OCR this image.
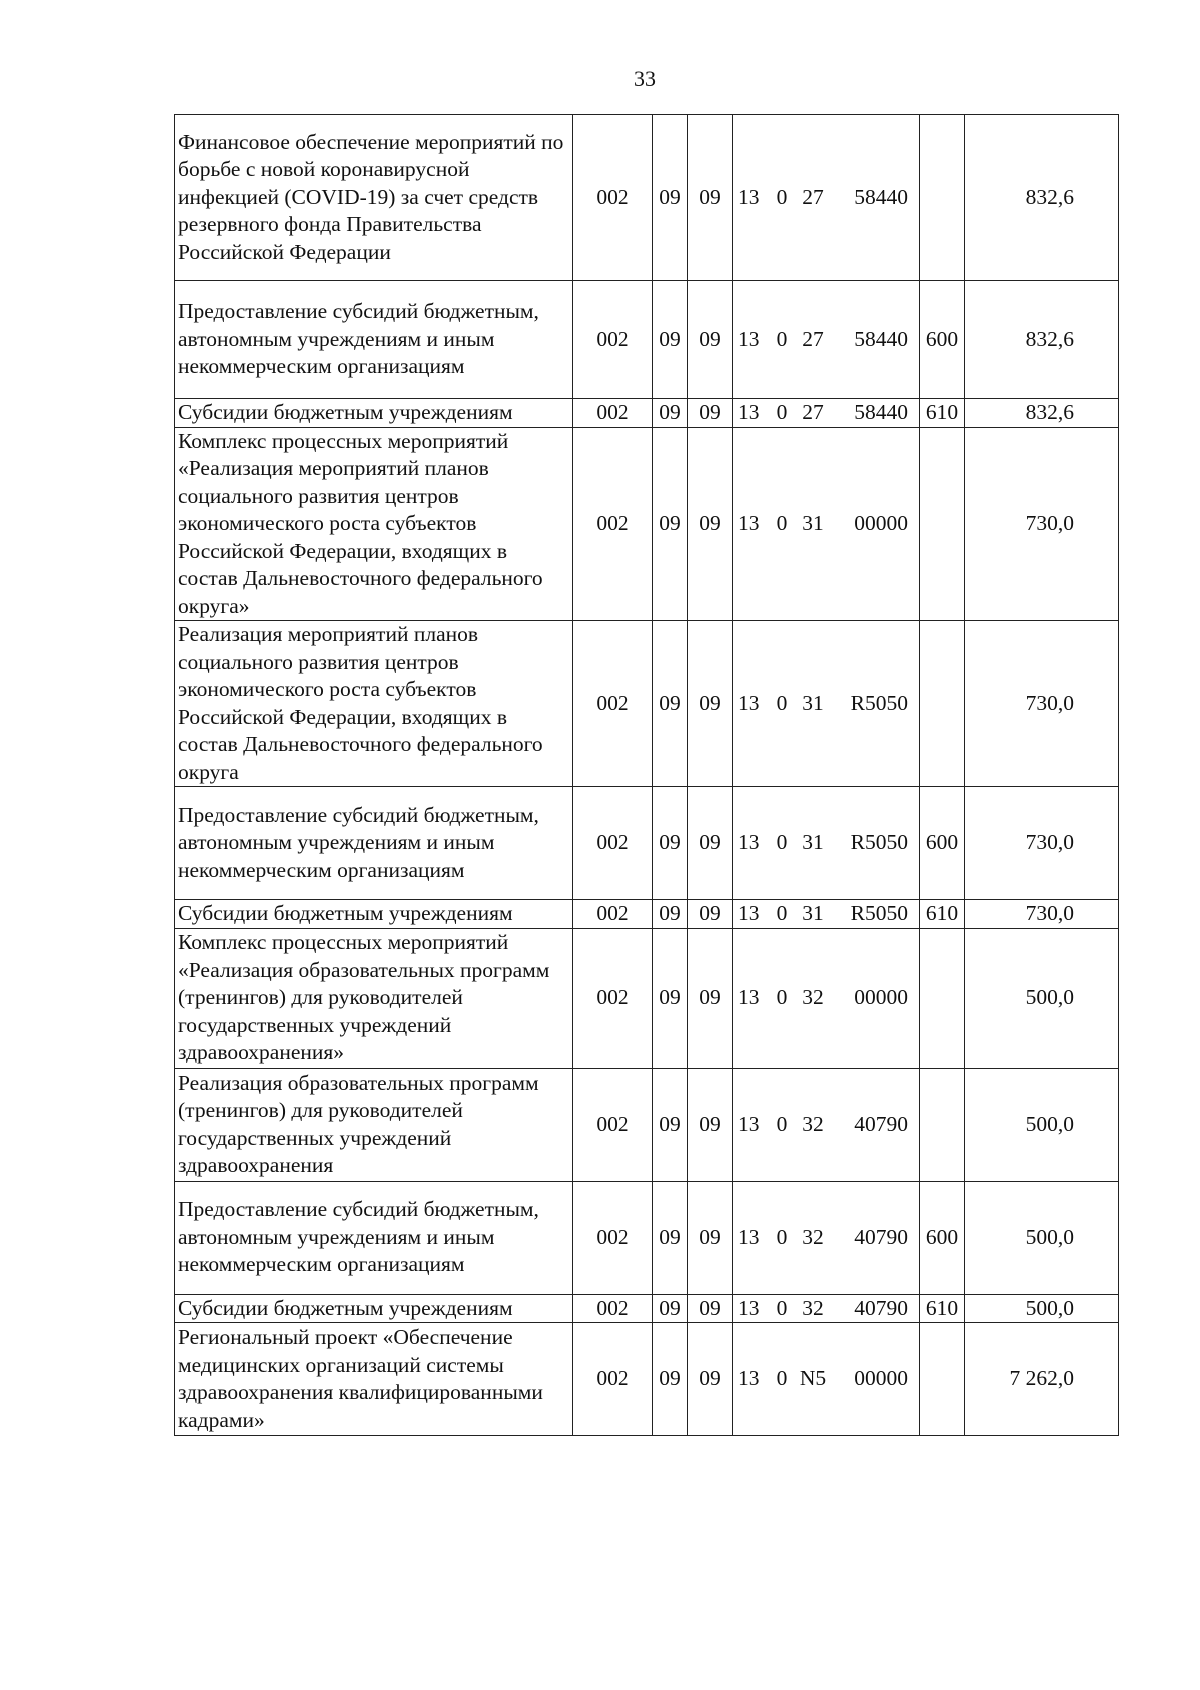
33
Финансовое обеспечение мероприятий по борьбе с новой коронавирусной инфекцией (COVID-19) за счет средств резервного фонда Правительства Российской Федерации	002	09	09	13 0 27 58440		832,6
Предоставление субсидий бюджетным, автономным учреждениям и иным некоммерческим организациям	002	09	09	13 0 27 58440	600	832,6
Субсидии бюджетным учреждениям	002	09	09	13 0 27 58440	610	832,6
Комплекс процессных мероприятий «Реализация мероприятий планов социального развития центров экономического роста субъектов Российской Федерации, входящих в состав Дальневосточного федерального округа»	002	09	09	13 0 31 00000		730,0
Реализация мероприятий планов социального развития центров экономического роста субъектов Российской Федерации, входящих в состав Дальневосточного федерального округа	002	09	09	13 0 31 R5050		730,0
Предоставление субсидий бюджетным, автономным учреждениям и иным некоммерческим организациям	002	09	09	13 0 31 R5050	600	730,0
Субсидии бюджетным учреждениям	002	09	09	13 0 31 R5050	610	730,0
Комплекс процессных мероприятий «Реализация образовательных программ (тренингов) для руководителей государственных учреждений здравоохранения»	002	09	09	13 0 32 00000		500,0
Реализация образовательных программ (тренингов) для руководителей государственных учреждений здравоохранения	002	09	09	13 0 32 40790		500,0
Предоставление субсидий бюджетным, автономным учреждениям и иным некоммерческим организациям	002	09	09	13 0 32 40790	600	500,0
Субсидии бюджетным учреждениям	002	09	09	13 0 32 40790	610	500,0
Региональный проект «Обеспечение медицинских организаций системы здравоохранения квалифицированными кадрами»	002	09	09	13 0 N5 00000		7 262,0
